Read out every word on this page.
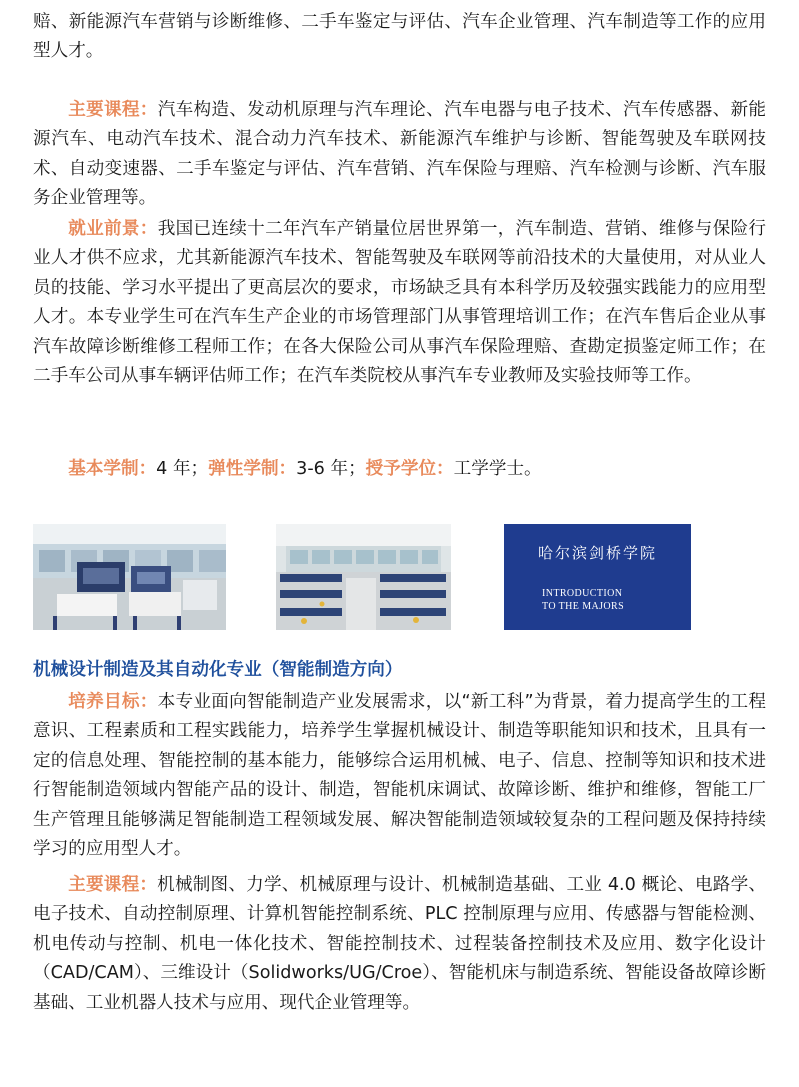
赔、新能源汽车营销与诊断维修、二手车鉴定与评估、汽车企业管理、汽车制造等工作的应用型人才。

主要课程：汽车构造、发动机原理与汽车理论、汽车电器与电子技术、汽车传感器、新能源汽车、电动汽车技术、混合动力汽车技术、新能源汽车维护与诊断、智能驾驶及车联网技术、自动变速器、二手车鉴定与评估、汽车营销、汽车保险与理赔、汽车检测与诊断、汽车服务企业管理等。

就业前景：我国已连续十二年汽车产销量位居世界第一，汽车制造、营销、维修与保险行业人才供不应求，尤其新能源汽车技术、智能驾驶及车联网等前沿技术的大量使用，对从业人员的技能、学习水平提出了更高层次的要求，市场缺乏具有本科学历及较强实践能力的应用型人才。本专业学生可在汽车生产企业的市场管理部门从事管理培训工作；在汽车售后企业从事汽车故障诊断维修工程师工作；在各大保险公司从事汽车保险理赔、查勘定损鉴定师工作；在二手车公司从事车辆评估师工作；在汽车类院校从事汽车专业教师及实验技师等工作。

基本学制：4 年；弹性学制：3-6 年；授予学位：工学学士。

哈尔滨剑桥学院
INTRODUCTION
TO THE MAJORS
机械设计制造及其自动化专业（智能制造方向）

培养目标：本专业面向智能制造产业发展需求，以“新工科”为背景，着力提高学生的工程意识、工程素质和工程实践能力，培养学生掌握机械设计、制造等职能知识和技术，且具有一定的信息处理、智能控制的基本能力，能够综合运用机械、电子、信息、控制等知识和技术进行智能制造领域内智能产品的设计、制造，智能机床调试、故障诊断、维护和维修，智能工厂生产管理且能够满足智能制造工程领域发展、解决智能制造领域较复杂的工程问题及保持持续学习的应用型人才。

主要课程：机械制图、力学、机械原理与设计、机械制造基础、工业 4.0 概论、电路学、电子技术、自动控制原理、计算机智能控制系统、PLC 控制原理与应用、传感器与智能检测、机电传动与控制、机电一体化技术、智能控制技术、过程装备控制技术及应用、数字化设计（CAD/CAM）、三维设计（Solidworks/UG/Croe）、智能机床与制造系统、智能设备故障诊断基础、工业机器人技术与应用、现代企业管理等。
